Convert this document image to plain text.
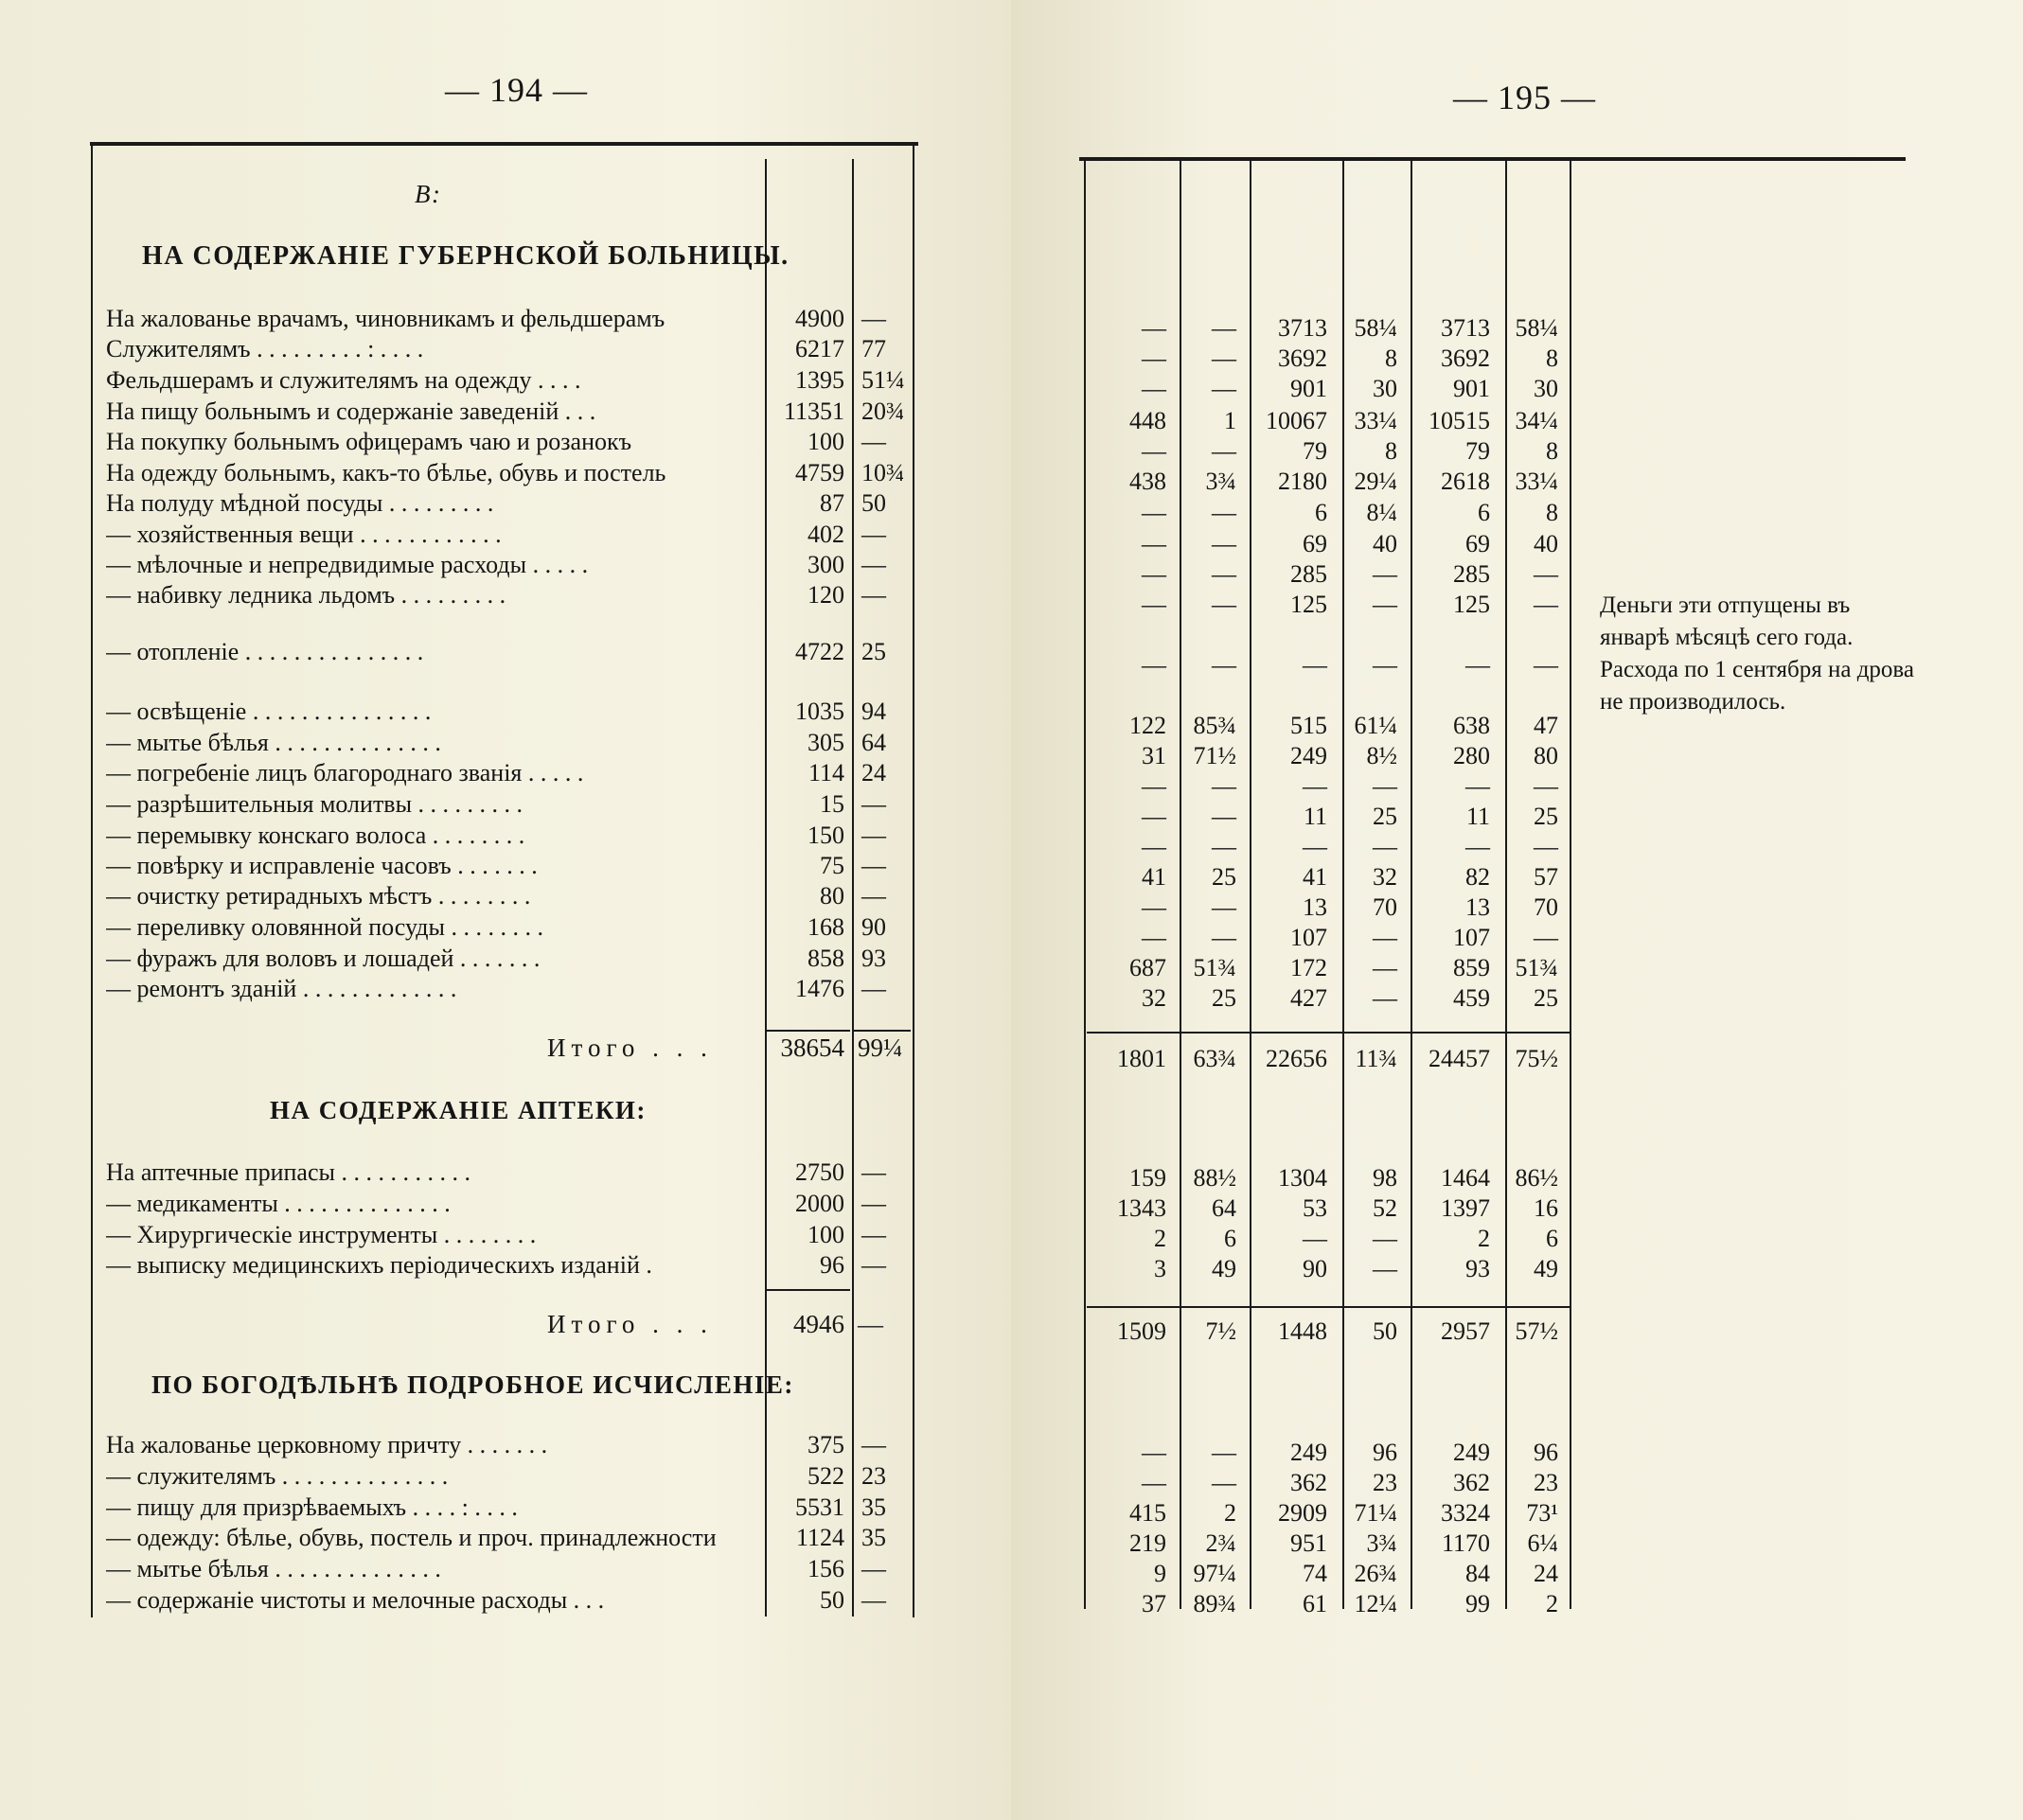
— 194 —
В:
НА СОДЕРЖАНІЕ ГУБЕРНСКОЙ БОЛЬНИЦЫ.
На жалованье врачамъ, чиновникамъ и фельдшерамъ	4900 —
Служителямъ . . . . . . . . . : . . . .	6217 77
Фельдшерамъ и служителямъ на одежду . . . .	1395 51¼
На пищу больнымъ и содержаніе заведеній . . .	11351 20¾
На покупку больнымъ офицерамъ чаю и розанокъ	100 —
На одежду больнымъ, какъ-то бѣлье, обувь и постель	4759 10¾
На полуду мѣдной посуды . . . . . . . . .	87 50
— хозяйственныя вещи . . . . . . . . . . . .	402 —
— мѣлочные и непредвидимые расходы . . . . .	300 —
— набивку ледника льдомъ . . . . . . . . .	120 —
— отопленіе . . . . . . . . . . . . . . .	4722 25
— освѣщеніе . . . . . . . . . . . . . . .	1035 94
— мытье бѣлья . . . . . . . . . . . . . .	305 64
— погребеніе лицъ благороднаго званія . . . . .	114 24
— разрѣшительныя молитвы . . . . . . . . .	15 —
— перемывку конскаго волоса . . . . . . . .	150 —
— повѣрку и исправленіе часовъ . . . . . . .	75 —
— очистку ретирадныхъ мѣстъ . . . . . . . .	80 —
— переливку оловянной посуды . . . . . . . .	168 90
— фуражъ для воловъ и лошадей . . . . . . .	858 93
— ремонтъ зданій . . . . . . . . . . . . .	1476 —
Итого . . .	38654 99¼
НА СОДЕРЖАНІЕ АПТЕКИ:
На аптечные припасы . . . . . . . . . . .	2750 —
— медикаменты . . . . . . . . . . . . . .	2000 —
— Хирургическіе инструменты . . . . . . . .	100 —
— выписку медицинскихъ періодическихъ изданій .	96 —
Итого . . .	4946 —
ПО БОГОДѢЛЬНѢ ПОДРОБНОЕ ИСЧИСЛЕНІЕ:
На жалованье церковному причту . . . . . . .	375 —
— служителямъ . . . . . . . . . . . . . .	522 23
— пищу для призрѣваемыхъ . . . . : . . . .	5531 35
— одежду: бѣлье, обувь, постель и проч. принадлежности	1124 35
— мытье бѣлья . . . . . . . . . . . . . .	156 —
— содержаніе чистоты и мелочные расходы . . .	50 —
— 195 —
—	—	3713	58¼	3713	58¼
—	—	3692	8	3692	8
—	—	901	30	901	30
448	1	10067	33¼	10515	34¼
—	—	79	8	79	8
438	3¾	2180	29¼	2618	33¼
—	—	6	8¼	6	8
—	—	69	40	69	40
—	—	285	—	285	—
—	—	125	—	125	—
—	—	—	—	—	—
122	85¾	515	61¼	638	47
31	71½	249	8½	280	80
—	—	—	—	—	—
—	—	11	25	11	25
—	—	—	—	—	—
41	25	41	32	82	57
—	—	13	70	13	70
—	—	107	—	107	—
687	51¾	172	—	859	51¾
32	25	427	—	459	25
1801	63¾	22656	11¾	24457	75½
159	88½	1304	98	1464	86½
1343	64	53	52	1397	16
2	6	—	—	2	6
3	49	90	—	93	49
1509	7½	1448	50	2957	57½
—	—	249	96	249	96
—	—	362	23	362	23
415	2	2909	71¼	3324	73¹
219	2¾	951	3¾	1170	6¼
9	97¼	74	26¾	84	24
37	89¾	61	12¼	99	2
Деньги эти отпущены въ январѣ мѣсяцѣ сего года. Расхода по 1 сентября на дрова не производилось.
